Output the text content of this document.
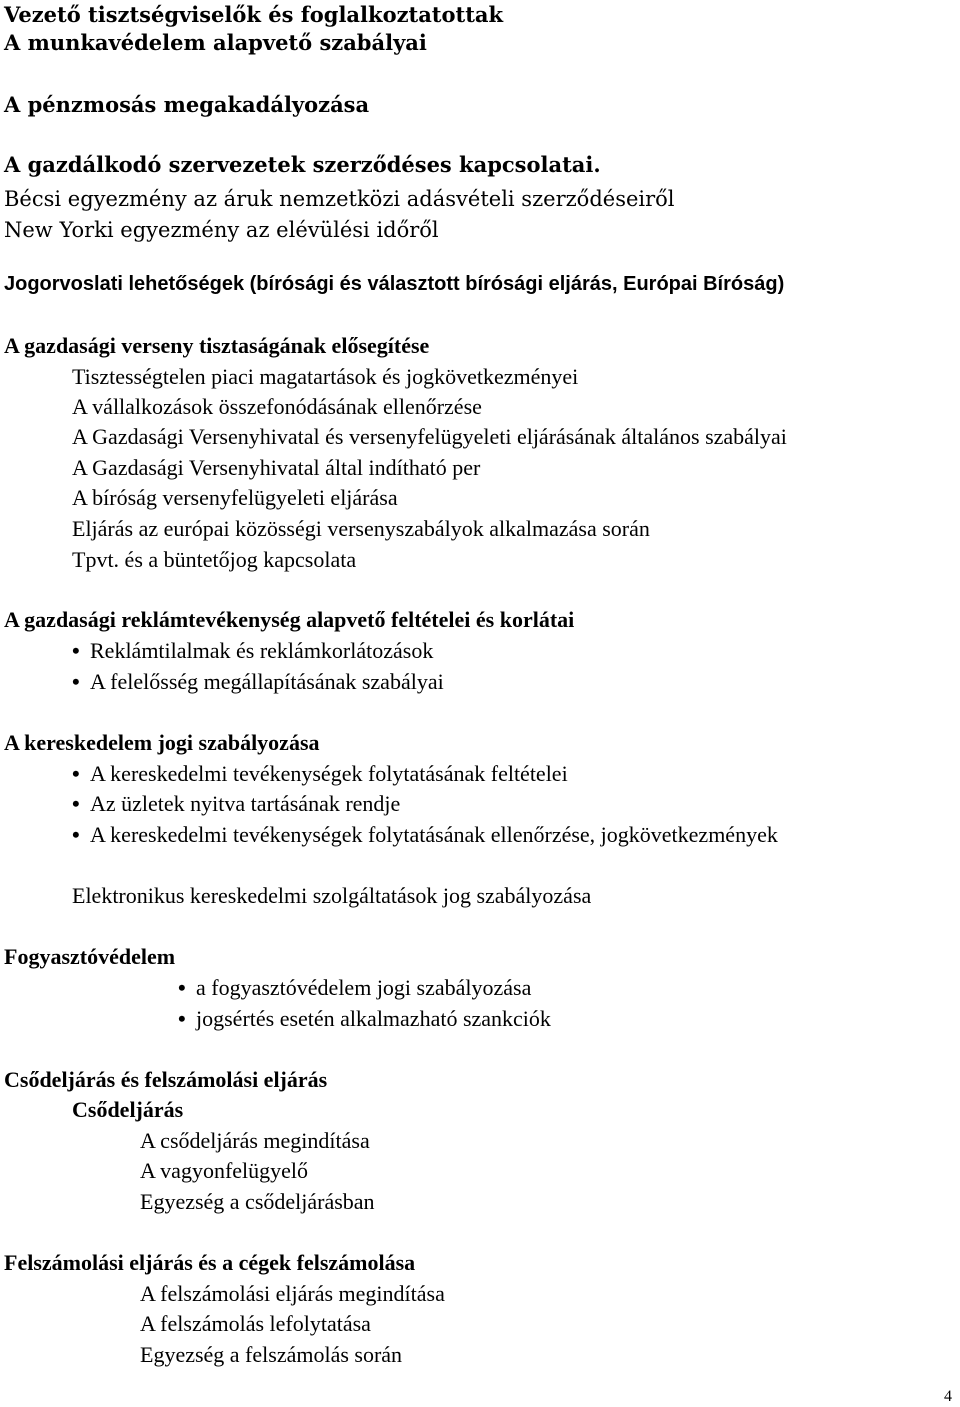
Vezető tisztségviselők és foglalkoztatottak
A munkavédelem alapvető szabályai
A pénzmosás megakadályozása
A gazdálkodó szervezetek szerződéses kapcsolatai.
Bécsi egyezmény az áruk nemzetközi adásvételi szerződéseiről
New Yorki egyezmény az elévülési időről
Jogorvoslati lehetőségek (bírósági és választott bírósági eljárás, Európai Bíróság)
A gazdasági verseny tisztaságának elősegítése
Tisztességtelen piaci magatartások és jogkövetkezményei
A vállalkozások összefonódásának ellenőrzése
A Gazdasági Versenyhivatal és versenyfelügyeleti eljárásának általános szabályai
A Gazdasági Versenyhivatal által indítható per
A bíróság versenyfelügyeleti eljárása
Eljárás az európai közösségi versenyszabályok alkalmazása során
Tpvt. és a büntetőjog kapcsolata
A gazdasági reklámtevékenység alapvető feltételei és korlátai
• Reklámtilalmak és reklámkorlátozások
• A felelősség megállapításának szabályai
A kereskedelem jogi szabályozása
• A kereskedelmi tevékenységek folytatásának feltételei
• Az üzletek nyitva tartásának rendje
• A kereskedelmi tevékenységek folytatásának ellenőrzése, jogkövetkezmények
Elektronikus kereskedelmi szolgáltatások jog szabályozása
Fogyasztóvédelem
• a fogyasztóvédelem jogi szabályozása
• jogsértés esetén alkalmazható szankciók
Csődeljárás és felszámolási eljárás
Csődeljárás
A csődeljárás megindítása
A vagyonfelügyelő
Egyezség a csődeljárásban
Felszámolási eljárás és a cégek felszámolása
A felszámolási eljárás megindítása
A felszámolás lefolytatása
Egyezség a felszámolás során
4
